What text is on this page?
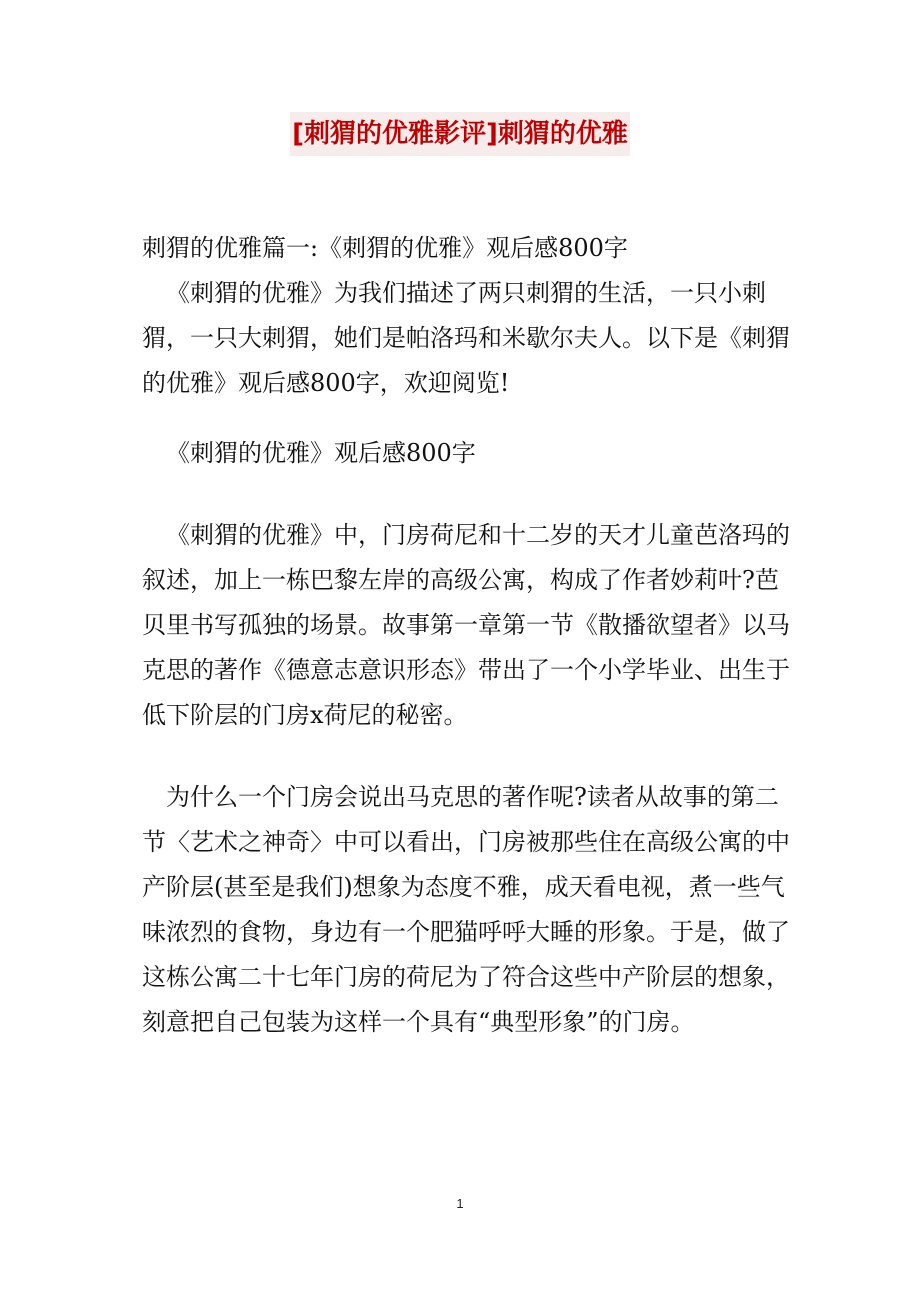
[刺猬的优雅影评]刺猬的优雅

刺猬的优雅篇一:《刺猬的优雅》观后感800字

《刺猬的优雅》为我们描述了两只刺猬的生活，一只小刺猬，一只大刺猬，她们是帕洛玛和米歇尔夫人。以下是《刺猬的优雅》观后感800字，欢迎阅览!

《刺猬的优雅》观后感800字

《刺猬的优雅》中，门房荷尼和十二岁的天才儿童芭洛玛的叙述，加上一栋巴黎左岸的高级公寓，构成了作者妙莉叶?芭贝里书写孤独的场景。故事第一章第一节《散播欲望者》以马克思的著作《德意志意识形态》带出了一个小学毕业、出生于低下阶层的门房x荷尼的秘密。

为什么一个门房会说出马克思的著作呢?读者从故事的第二节〈艺术之神奇〉中可以看出，门房被那些住在高级公寓的中产阶层(甚至是我们)想象为态度不雅，成天看电视，煮一些气味浓烈的食物，身边有一个肥猫呼呼大睡的形象。于是，做了这栋公寓二十七年门房的荷尼为了符合这些中产阶层的想象，刻意把自己包装为这样一个具有“典型形象”的门房。

1
